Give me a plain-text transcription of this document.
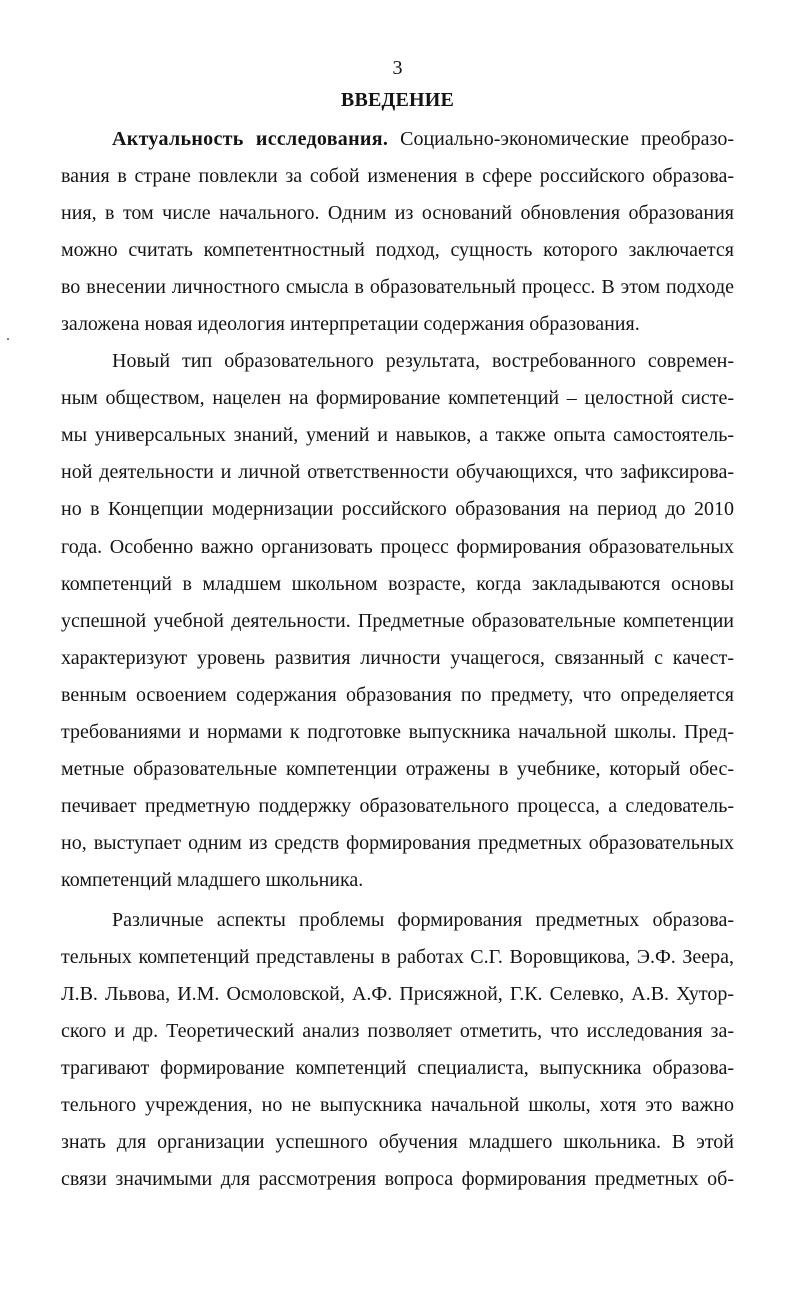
3
ВВЕДЕНИЕ
Актуальность исследования. Социально-экономические преобразо-
вания в стране повлекли за собой изменения в сфере российского образова-
ния, в том числе начального. Одним из оснований обновления образования
можно считать компетентностный подход, сущность которого заключается
во внесении личностного смысла в образовательный процесс. В этом подходе
заложена новая идеология интерпретации содержания образования.
Новый тип образовательного результата, востребованного современ-
ным обществом, нацелен на формирование компетенций – целостной систе-
мы универсальных знаний, умений и навыков, а также опыта самостоятель-
ной деятельности и личной ответственности обучающихся, что зафиксирова-
но в Концепции модернизации российского образования на период до 2010
года. Особенно важно организовать процесс формирования образовательных
компетенций в младшем школьном возрасте, когда закладываются основы
успешной учебной деятельности. Предметные образовательные компетенции
характеризуют уровень развития личности учащегося, связанный с качест-
венным освоением содержания образования по предмету, что определяется
требованиями и нормами к подготовке выпускника начальной школы. Пред-
метные образовательные компетенции отражены в учебнике, который обес-
печивает предметную поддержку образовательного процесса, а следователь-
но, выступает одним из средств формирования предметных образовательных
компетенций младшего школьника.
Различные аспекты проблемы формирования предметных образова-
тельных компетенций представлены в работах С.Г. Воровщикова, Э.Ф. Зеера,
Л.В. Львова, И.М. Осмоловской, А.Ф. Присяжной, Г.К. Селевко, А.В. Хутор-
ского и др. Теоретический анализ позволяет отметить, что исследования за-
трагивают формирование компетенций специалиста, выпускника образова-
тельного учреждения, но не выпускника начальной школы, хотя это важно
знать для организации успешного обучения младшего школьника. В этой
связи значимыми для рассмотрения вопроса формирования предметных об-
